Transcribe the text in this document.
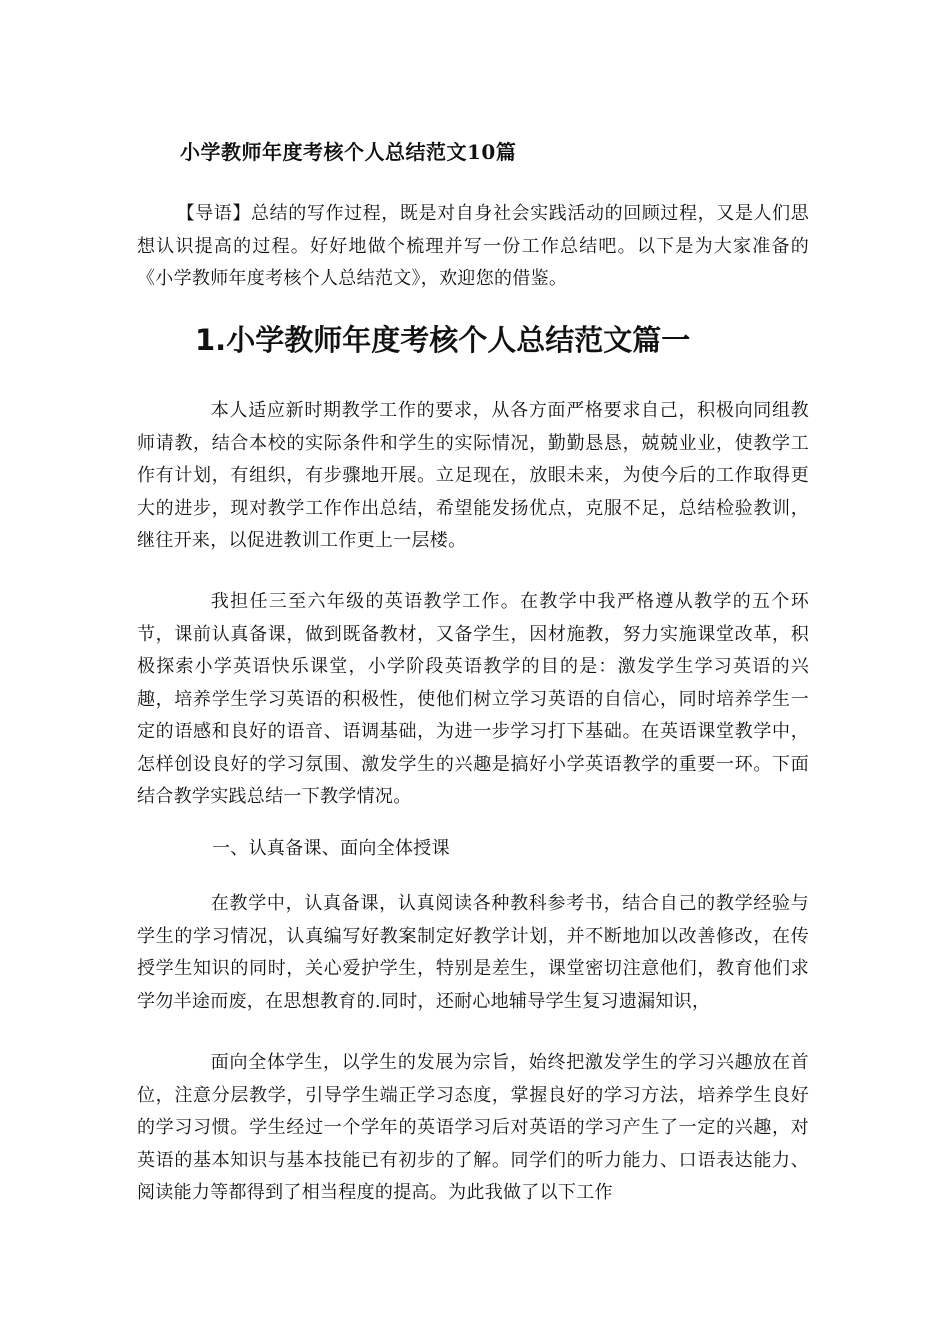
小学教师年度考核个人总结范文10篇

【导语】总结的写作过程，既是对自身社会实践活动的回顾过程，又是人们思想认识提高的过程。好好地做个梳理并写一份工作总结吧。以下是为大家准备的《小学教师年度考核个人总结范文》，欢迎您的借鉴。

1.小学教师年度考核个人总结范文篇一

本人适应新时期教学工作的要求，从各方面严格要求自己，积极向同组教师请教，结合本校的实际条件和学生的实际情况，勤勤恳恳，兢兢业业，使教学工作有计划，有组织，有步骤地开展。立足现在，放眼未来，为使今后的工作取得更大的进步，现对教学工作作出总结，希望能发扬优点，克服不足，总结检验教训，继往开来，以促进教训工作更上一层楼。

我担任三至六年级的英语教学工作。在教学中我严格遵从教学的五个环节，课前认真备课，做到既备教材，又备学生，因材施教，努力实施课堂改革，积极探索小学英语快乐课堂，小学阶段英语教学的目的是：激发学生学习英语的兴趣，培养学生学习英语的积极性，使他们树立学习英语的自信心，同时培养学生一定的语感和良好的语音、语调基础，为进一步学习打下基础。在英语课堂教学中，怎样创设良好的学习氛围、激发学生的兴趣是搞好小学英语教学的重要一环。下面结合教学实践总结一下教学情况。

一、认真备课、面向全体授课

在教学中，认真备课，认真阅读各种教科参考书，结合自己的教学经验与学生的学习情况，认真编写好教案制定好教学计划，并不断地加以改善修改，在传授学生知识的同时，关心爱护学生，特别是差生，课堂密切注意他们，教育他们求学勿半途而废，在思想教育的.同时，还耐心地辅导学生复习遗漏知识，

面向全体学生，以学生的发展为宗旨，始终把激发学生的学习兴趣放在首位，注意分层教学，引导学生端正学习态度，掌握良好的学习方法，培养学生良好的学习习惯。学生经过一个学年的英语学习后对英语的学习产生了一定的兴趣，对英语的基本知识与基本技能已有初步的了解。同学们的听力能力、口语表达能力、阅读能力等都得到了相当程度的提高。为此我做了以下工作
